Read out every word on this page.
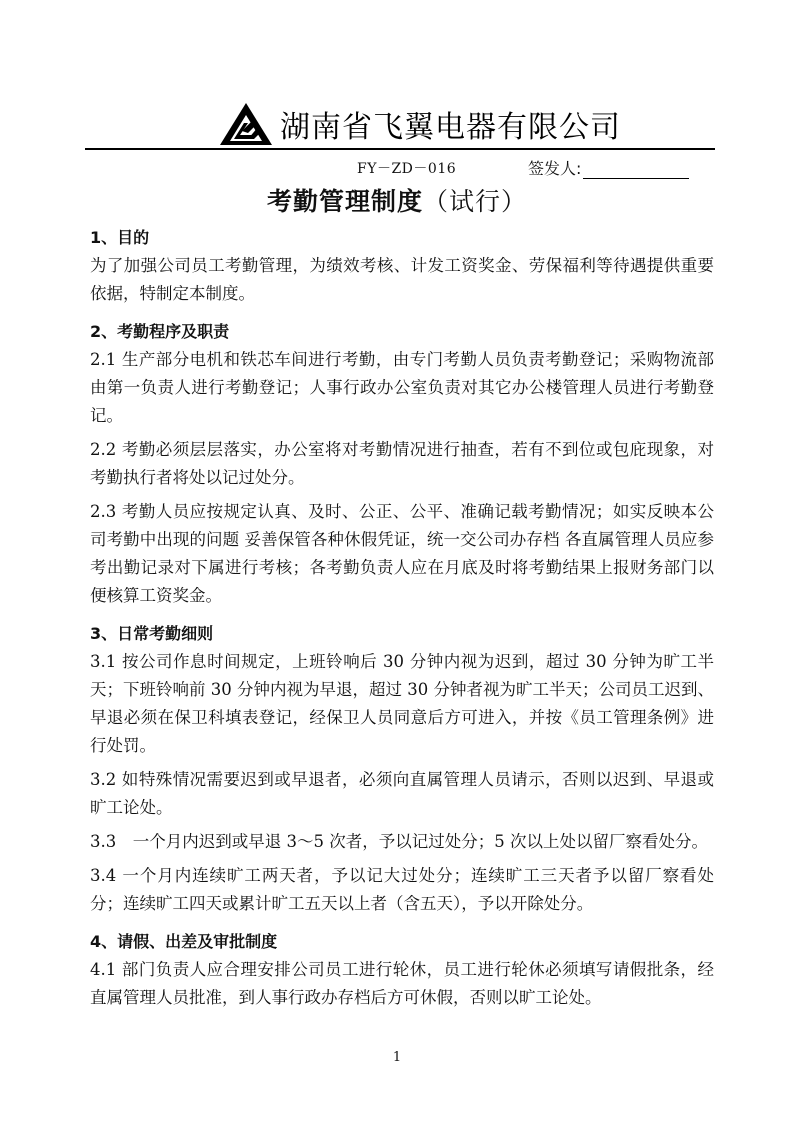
湖南省飞翼电器有限公司
FY－ZD－016	签发人:
考勤管理制度（试行）

1、目的

为了加强公司员工考勤管理，为绩效考核、计发工资奖金、劳保福利等待遇提供重要依据，特制定本制度。

2、考勤程序及职责

2.1 生产部分电机和铁芯车间进行考勤，由专门考勤人员负责考勤登记；采购物流部由第一负责人进行考勤登记；人事行政办公室负责对其它办公楼管理人员进行考勤登记。

2.2 考勤必须层层落实，办公室将对考勤情况进行抽查，若有不到位或包庇现象，对考勤执行者将处以记过处分。

2.3 考勤人员应按规定认真、及时、公正、公平、准确记载考勤情况；如实反映本公司考勤中出现的问题 妥善保管各种休假凭证，统一交公司办存档 各直属管理人员应参考出勤记录对下属进行考核；各考勤负责人应在月底及时将考勤结果上报财务部门以便核算工资奖金。

3、日常考勤细则

3.1 按公司作息时间规定，上班铃响后 30 分钟内视为迟到，超过 30 分钟为旷工半天；下班铃响前 30 分钟内视为早退，超过 30 分钟者视为旷工半天；公司员工迟到、早退必须在保卫科填表登记，经保卫人员同意后方可进入，并按《员工管理条例》进行处罚。

3.2 如特殊情况需要迟到或早退者，必须向直属管理人员请示，否则以迟到、早退或旷工论处。

3.3　一个月内迟到或早退 3～5 次者，予以记过处分；5 次以上处以留厂察看处分。

3.4 一个月内连续旷工两天者，予以记大过处分；连续旷工三天者予以留厂察看处分；连续旷工四天或累计旷工五天以上者（含五天），予以开除处分。

4、请假、出差及审批制度

4.1 部门负责人应合理安排公司员工进行轮休，员工进行轮休必须填写请假批条，经直属管理人员批准，到人事行政办存档后方可休假，否则以旷工论处。

1
